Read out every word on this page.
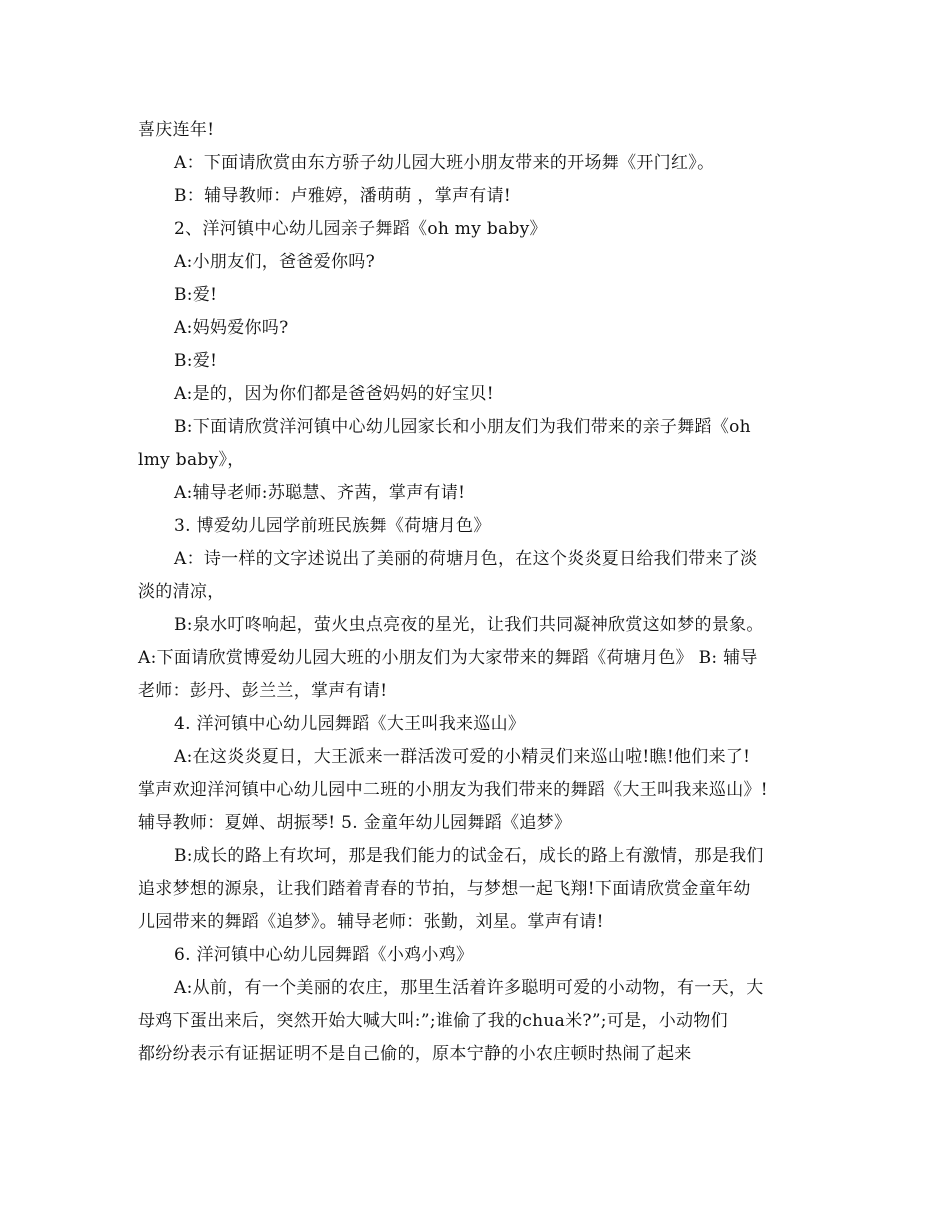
喜庆连年!
A：下面请欣赏由东方骄子幼儿园大班小朋友带来的开场舞《开门红》。
B：辅导教师：卢雅婷，潘萌萌 ，掌声有请!
2、洋河镇中心幼儿园亲子舞蹈《oh my baby》
A:小朋友们，爸爸爱你吗?
B:爱!
A:妈妈爱你吗?
B:爱!
A:是的，因为你们都是爸爸妈妈的好宝贝!
B:下面请欣赏洋河镇中心幼儿园家长和小朋友们为我们带来的亲子舞蹈《oh
lmy baby》，
A:辅导老师:苏聪慧、齐茜，掌声有请!
3. 博爱幼儿园学前班民族舞《荷塘月色》
A：诗一样的文字述说出了美丽的荷塘月色，在这个炎炎夏日给我们带来了淡
淡的清凉，
B:泉水叮咚响起，萤火虫点亮夜的星光，让我们共同凝神欣赏这如梦的景象。
A:下面请欣赏博爱幼儿园大班的小朋友们为大家带来的舞蹈《荷塘月色》 B: 辅导
老师：彭丹、彭兰兰，掌声有请!
4. 洋河镇中心幼儿园舞蹈《大王叫我来巡山》
A:在这炎炎夏日，大王派来一群活泼可爱的小精灵们来巡山啦!瞧!他们来了!
掌声欢迎洋河镇中心幼儿园中二班的小朋友为我们带来的舞蹈《大王叫我来巡山》!
辅导教师：夏婵、胡振琴! 5. 金童年幼儿园舞蹈《追梦》
B:成长的路上有坎坷，那是我们能力的试金石，成长的路上有激情，那是我们
追求梦想的源泉，让我们踏着青春的节拍，与梦想一起飞翔!下面请欣赏金童年幼
儿园带来的舞蹈《追梦》。辅导老师：张勤，刘星。掌声有请!
6. 洋河镇中心幼儿园舞蹈《小鸡小鸡》
A:从前，有一个美丽的农庄，那里生活着许多聪明可爱的小动物，有一天，大
母鸡下蛋出来后，突然开始大喊大叫:”;谁偷了我的chua米?”;可是，小动物们
都纷纷表示有证据证明不是自己偷的，原本宁静的小农庄顿时热闹了起来
